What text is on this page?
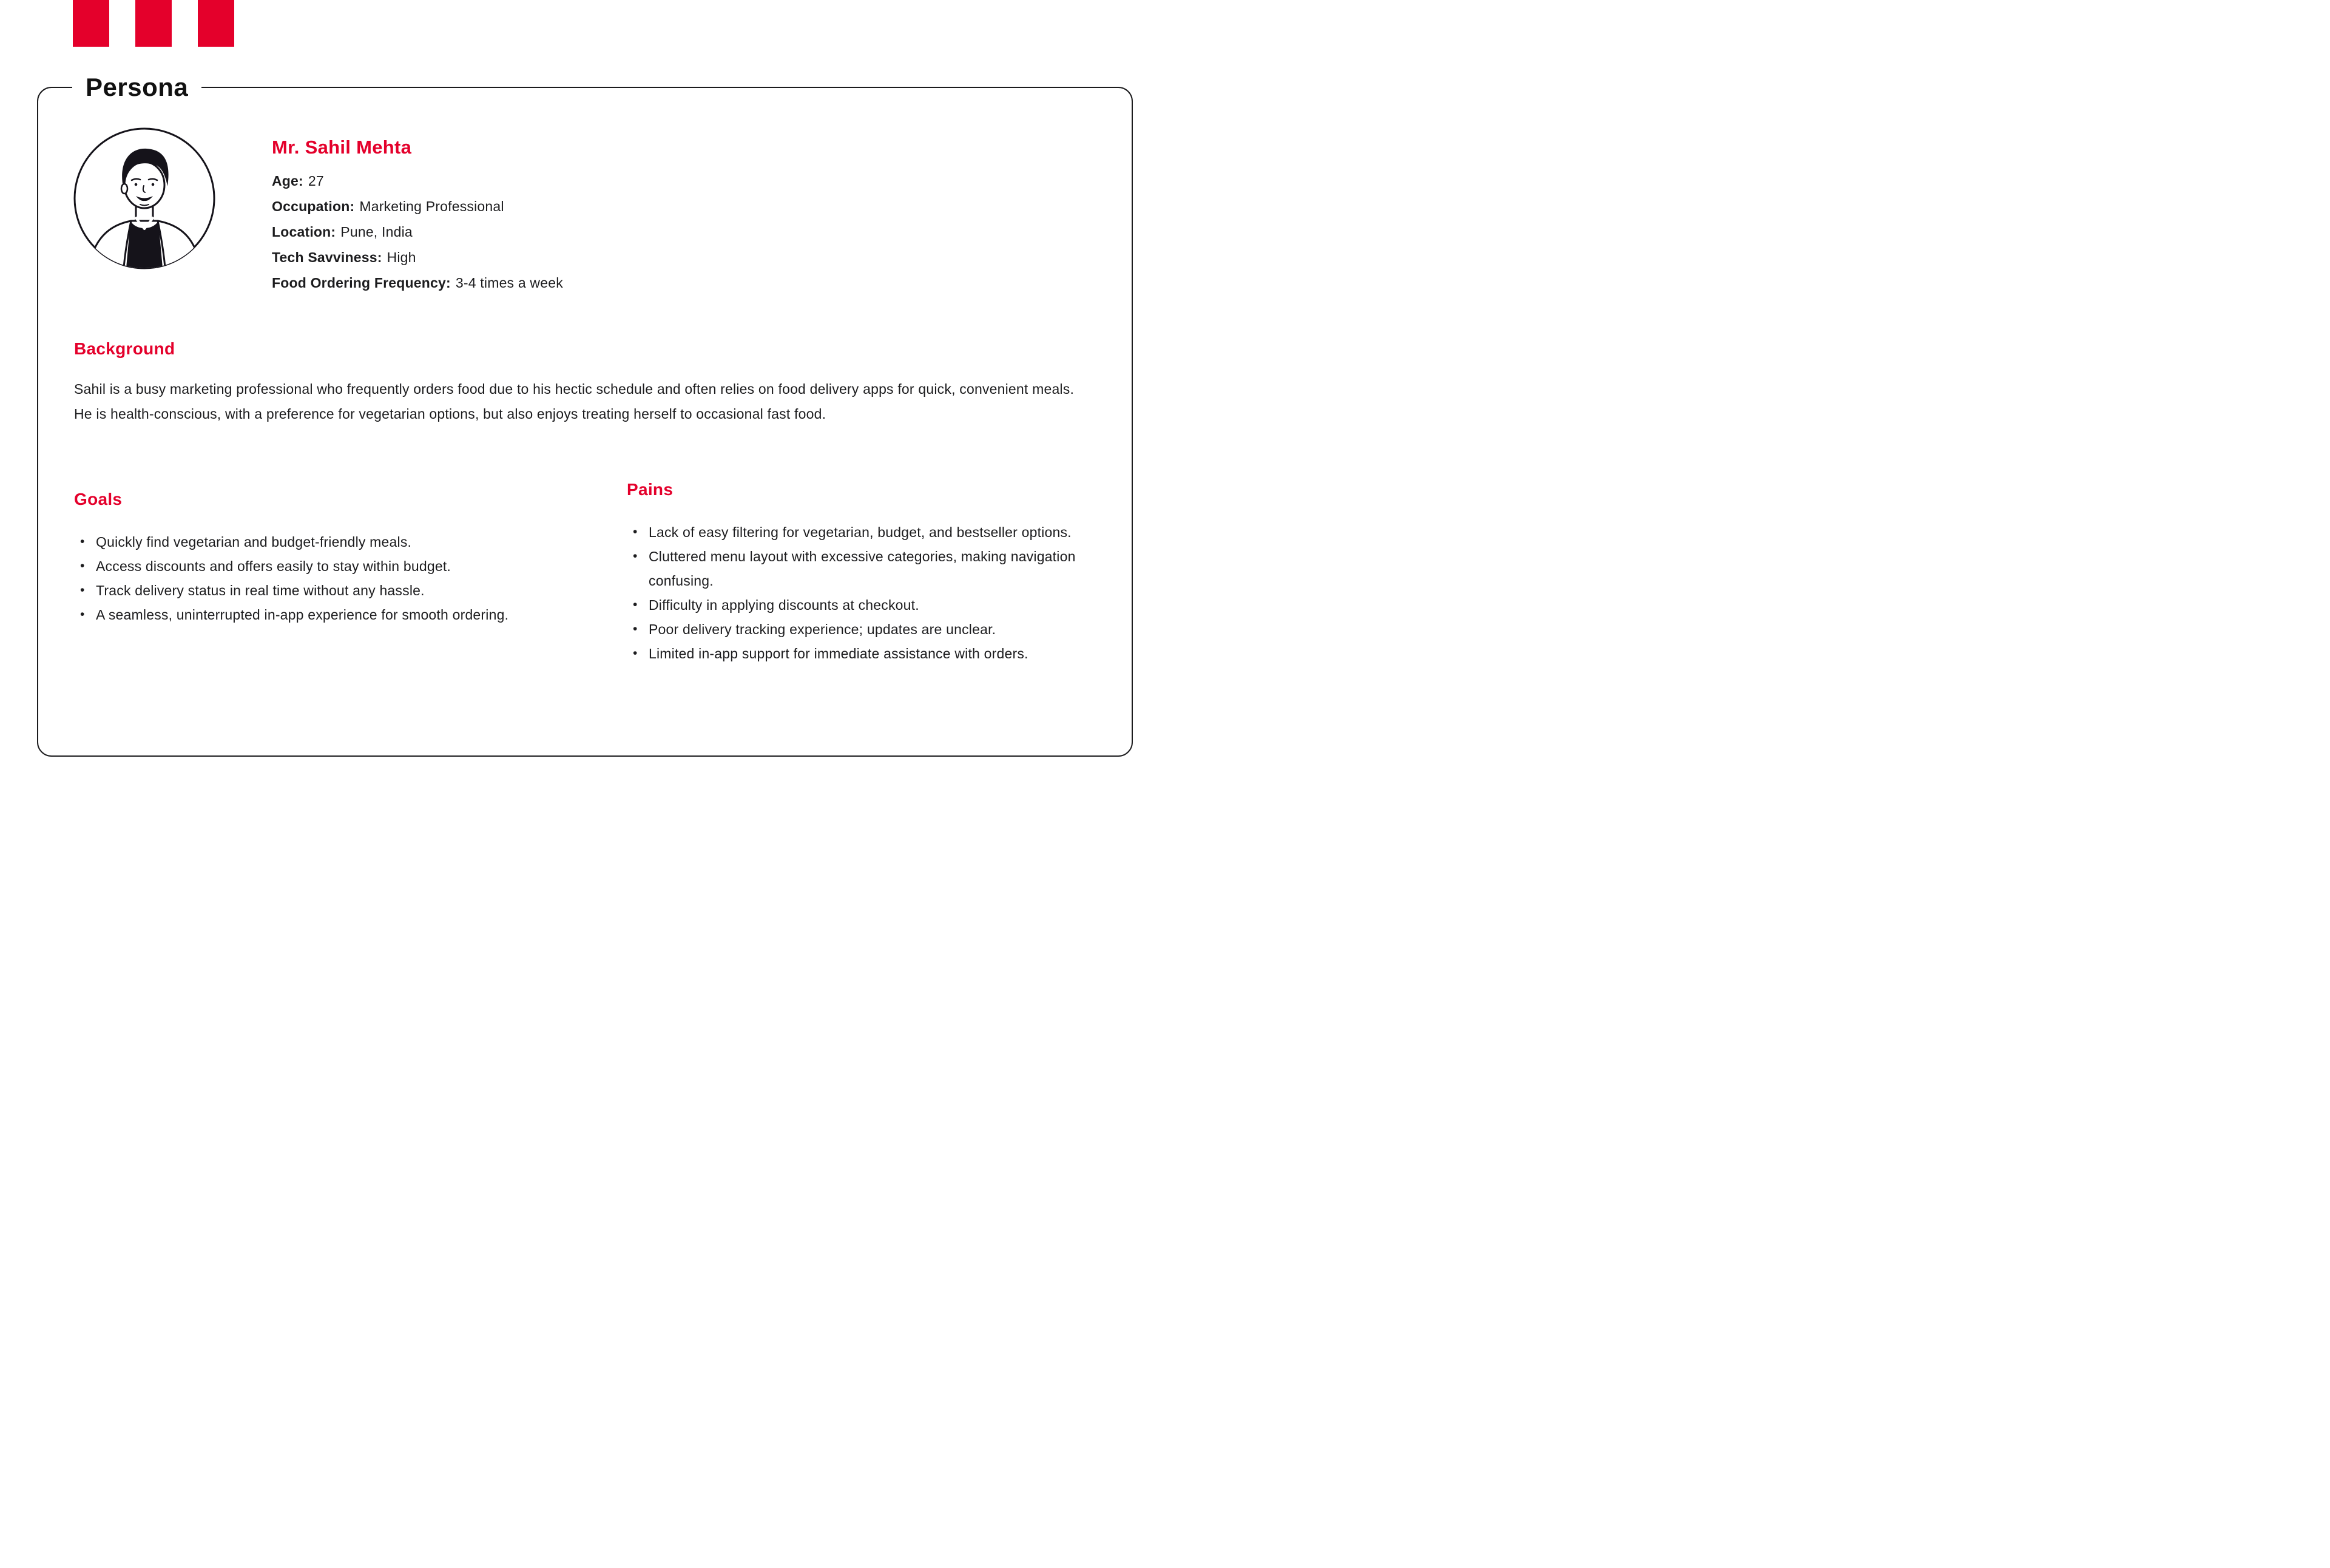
Persona
Mr. Sahil Mehta
Age: 27
Occupation: Marketing Professional
Location: Pune, India
Tech Savviness: High
Food Ordering Frequency: 3-4 times a week
Background

Sahil is a busy marketing professional who frequently orders food due to his hectic schedule and often relies on food delivery apps for quick, convenient meals. He is health-conscious, with a preference for vegetarian options, but also enjoys treating herself to occasional fast food.

Goals
• Quickly find vegetarian and budget-friendly meals.
• Access discounts and offers easily to stay within budget.
• Track delivery status in real time without any hassle.
• A seamless, uninterrupted in-app experience for smooth ordering.
Pains
• Lack of easy filtering for vegetarian, budget, and bestseller options.
• Cluttered menu layout with excessive categories, making navigation confusing.
• Difficulty in applying discounts at checkout.
• Poor delivery tracking experience; updates are unclear.
• Limited in-app support for immediate assistance with orders.
